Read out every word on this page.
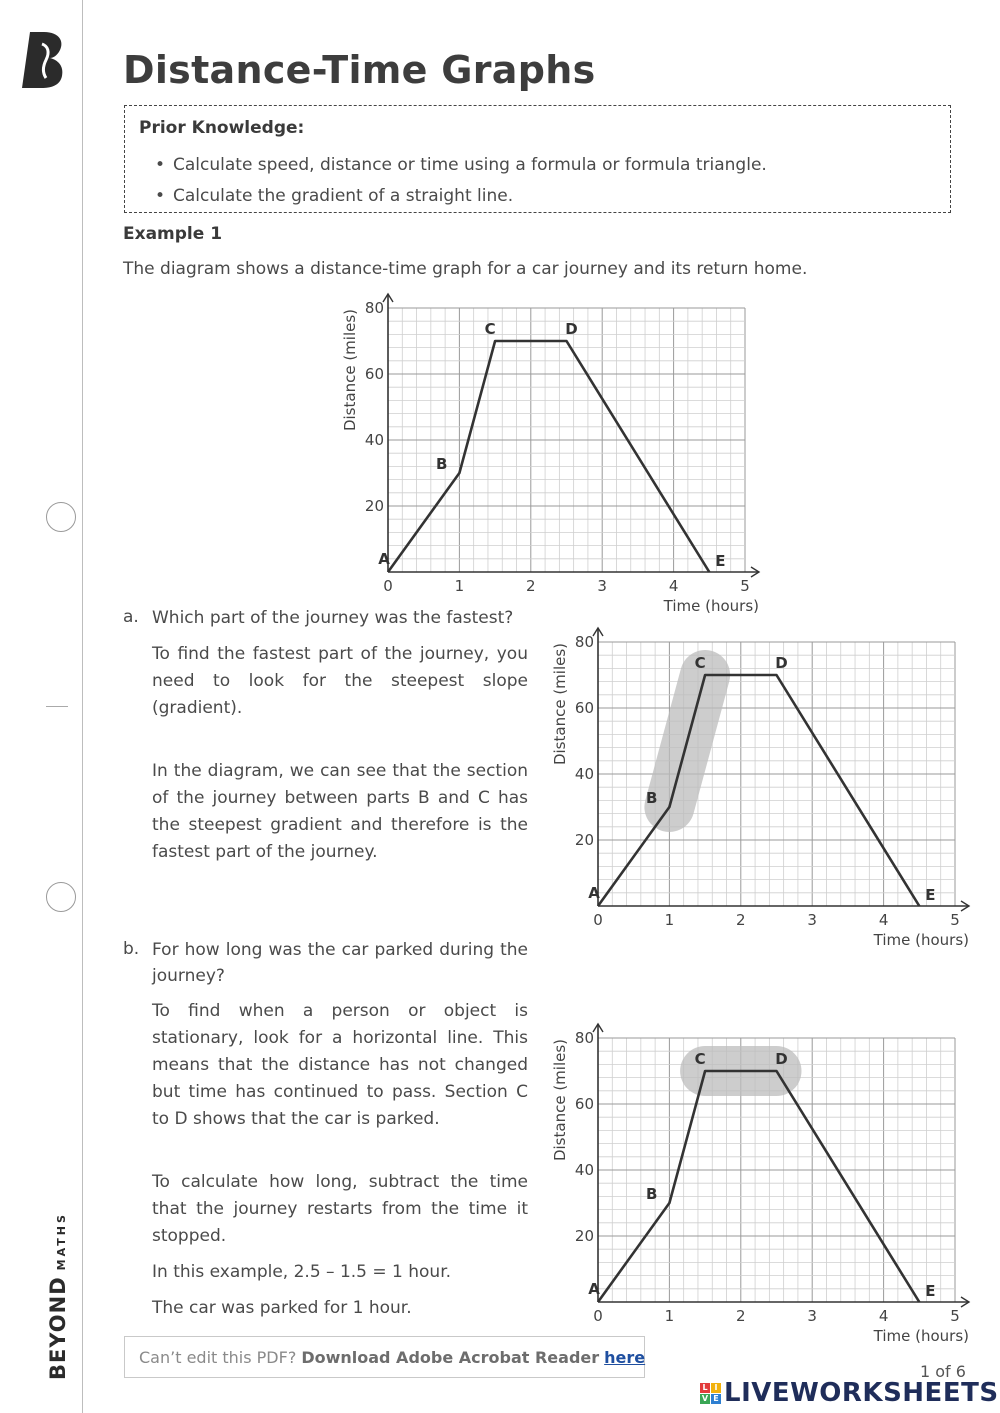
BEYONDMATHS
Distance-Time Graphs
Prior Knowledge:
• Calculate speed, distance or time using a formula or formula triangle.
• Calculate the gradient of a straight line.
Example 1
The diagram shows a distance-time graph for a car journey and its return home.
0	1	2	3	4	5
20
40
60
80
Time (hours)
Distance (miles)
A
B
C	D
E
a. Which part of the journey was the fastest?
To find the fastest part of the journey, you need to look for the steepest slope (gradient).
In the diagram, we can see that the section of the journey between parts B and C has the steepest gradient and therefore is the fastest part of the journey.
0	1	2	3	4	5
20
40
60
80
Time (hours)
Distance (miles)
A
B
C	D
E
b. For how long was the car parked during the journey?
To find when a person or object is stationary, look for a horizontal line. This means that the distance has not changed but time has continued to pass. Section C to D shows that the car is parked.
To calculate how long, subtract the time that the journey restarts from the time it stopped.
In this example, 2.5 – 1.5 = 1 hour.
The car was parked for 1 hour.	0	1	2	3	4	5
20
40
60
80
Time (hours)
Distance (miles)
A
B
C	D
E
Can’t edit this PDF? Download Adobe Acrobat Reader here
1 of 6
L I
V E LIVEWORKSHEETS
